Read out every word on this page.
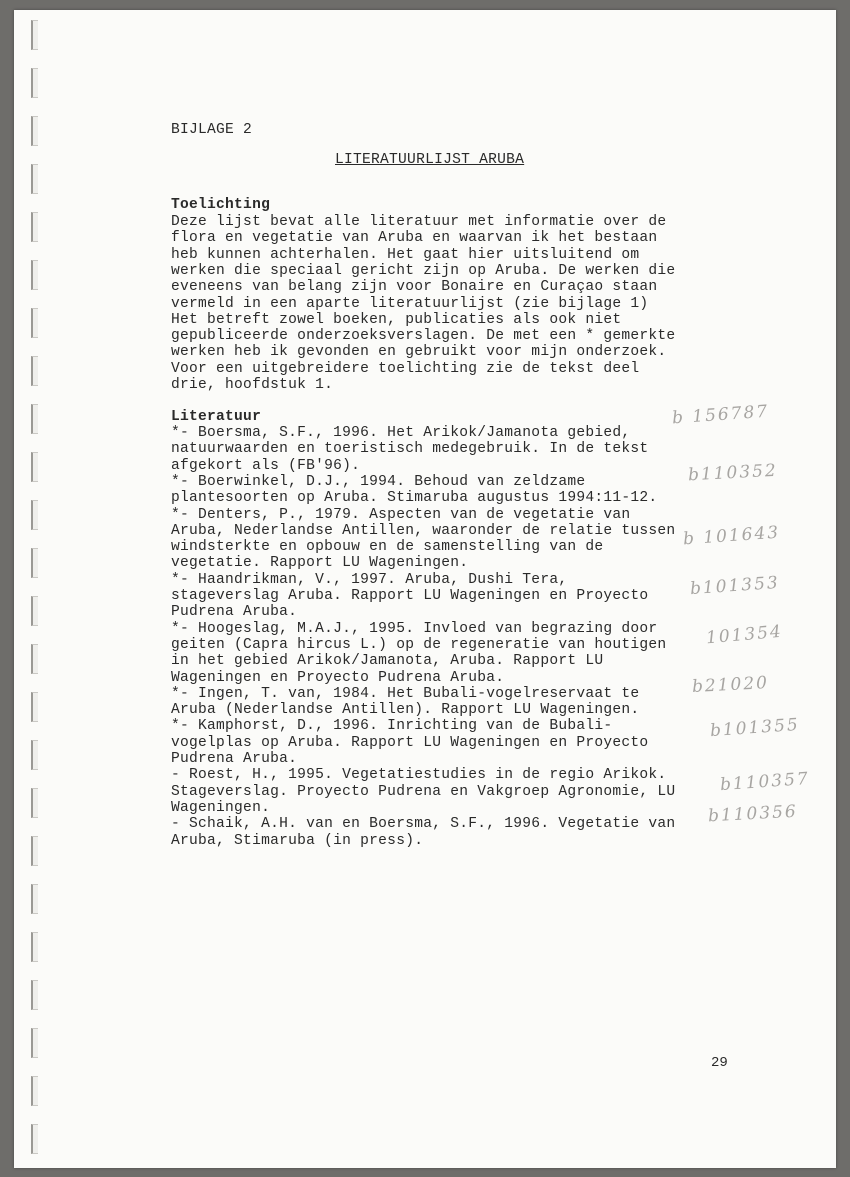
BIJLAGE 2
LITERATUURLIJST ARUBA
Toelichting
Deze lijst bevat alle literatuur met informatie over de
flora en vegetatie van Aruba en waarvan ik het bestaan
heb kunnen achterhalen. Het gaat hier uitsluitend om
werken die speciaal gericht zijn op Aruba. De werken die
eveneens van belang zijn voor Bonaire en Curaçao staan
vermeld in een aparte literatuurlijst (zie bijlage 1)
Het betreft zowel boeken, publicaties als ook niet
gepubliceerde onderzoeksverslagen. De met een * gemerkte
werken heb ik gevonden en gebruikt voor mijn onderzoek.
Voor een uitgebreidere toelichting zie de tekst deel
drie, hoofdstuk 1.
Literatuur
*- Boersma, S.F., 1996. Het Arikok/Jamanota gebied,
natuurwaarden en toeristisch medegebruik. In de tekst
afgekort als (FB'96).
*- Boerwinkel, D.J., 1994. Behoud van zeldzame
plantesoorten op Aruba. Stimaruba augustus 1994:11-12.
*- Denters, P., 1979. Aspecten van de vegetatie van
Aruba, Nederlandse Antillen, waaronder de relatie tussen
windsterkte en opbouw en de samenstelling van de
vegetatie. Rapport LU Wageningen.
*- Haandrikman, V., 1997. Aruba, Dushi Tera,
stageverslag Aruba. Rapport LU Wageningen en Proyecto
Pudrena Aruba.
*- Hoogeslag, M.A.J., 1995. Invloed van begrazing door
geiten (Capra hircus L.) op de regeneratie van houtigen
in het gebied Arikok/Jamanota, Aruba. Rapport LU
Wageningen en Proyecto Pudrena Aruba.
*- Ingen, T. van, 1984. Het Bubali-vogelreservaat te
Aruba (Nederlandse Antillen). Rapport LU Wageningen.
*- Kamphorst, D., 1996. Inrichting van de Bubali-
vogelplas op Aruba. Rapport LU Wageningen en Proyecto
Pudrena Aruba.
- Roest, H., 1995. Vegetatiestudies in de regio Arikok.
Stageverslag. Proyecto Pudrena en Vakgroep Agronomie, LU
Wageningen.
- Schaik, A.H. van en Boersma, S.F., 1996. Vegetatie van
Aruba, Stimaruba (in press).
b 156787
b110352
b 101643
b101353
101354
b21020
b101355
b110357
b110356
29
